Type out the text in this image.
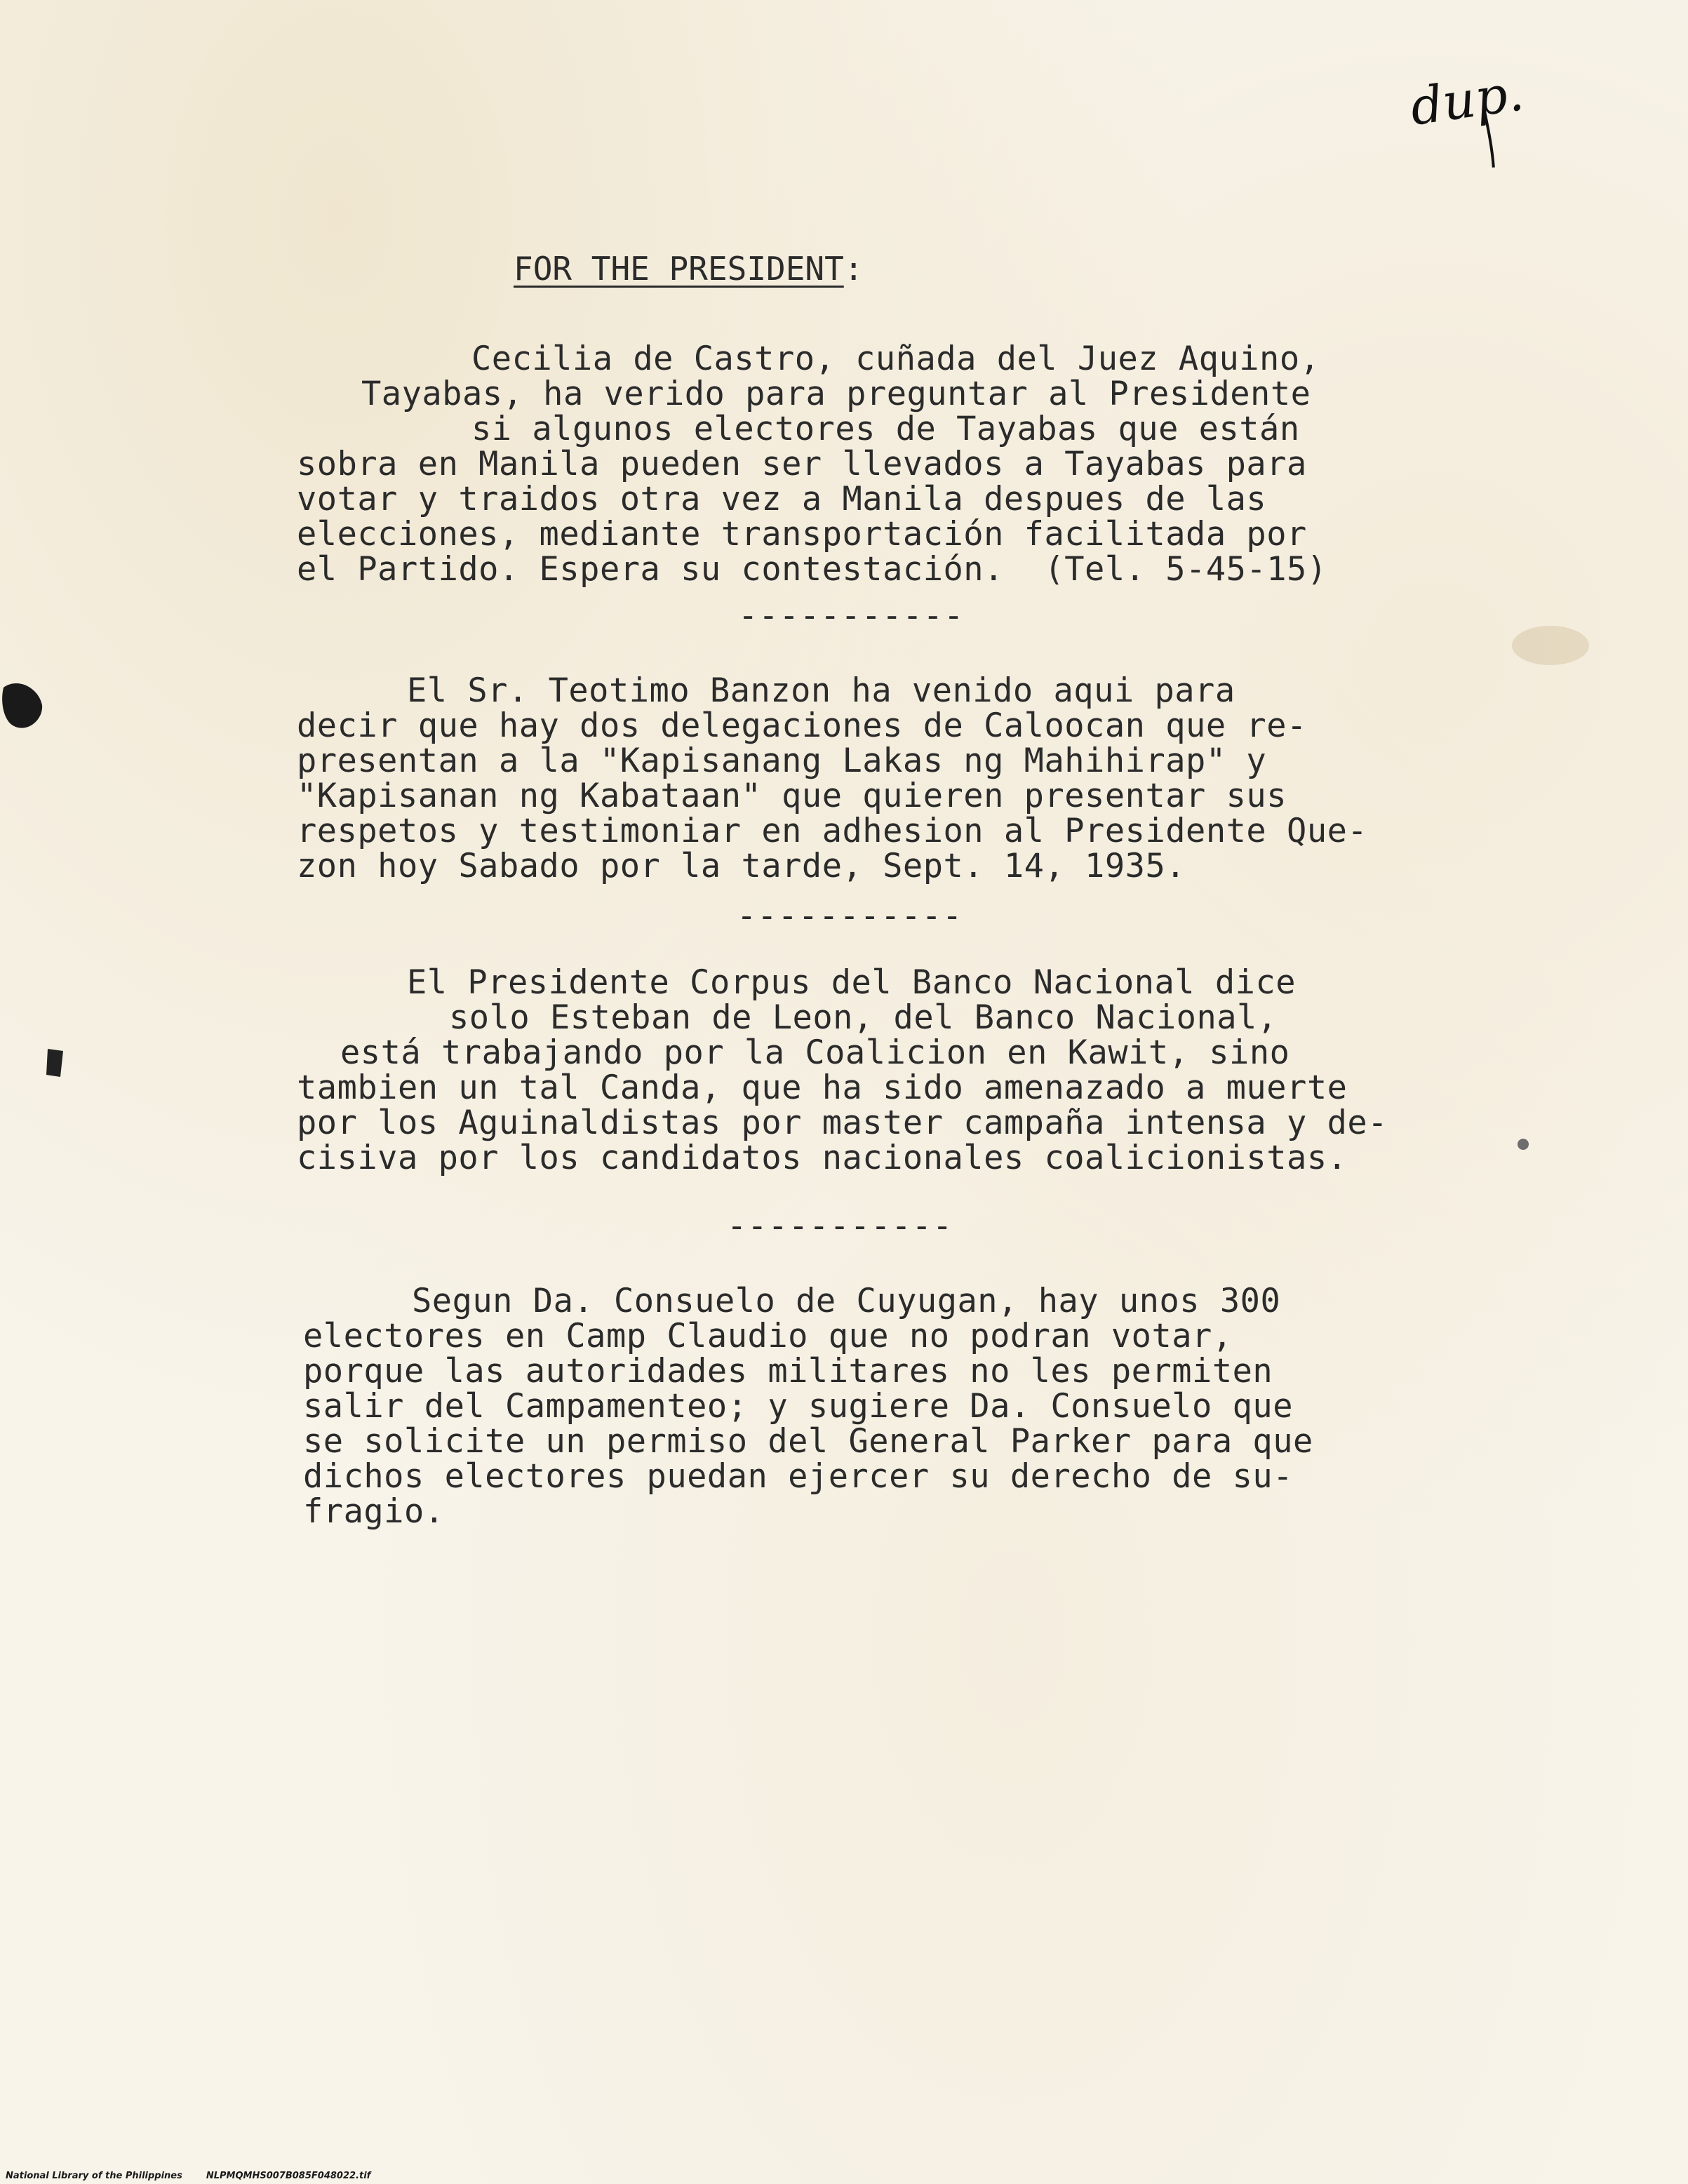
dup.
FOR THE PRESIDENT:
Cecilia de Castro, cuñada del Juez Aquino,
Tayabas, ha verido para preguntar al Presidente
si algunos electores de Tayabas que están
sobra en Manila pueden ser llevados a Tayabas para
votar y traidos otra vez a Manila despues de las
elecciones, mediante transportación facilitada por
el Partido. Espera su contestación.  (Tel. 5-45-15)
-----------
El Sr. Teotimo Banzon ha venido aqui para
decir que hay dos delegaciones de Caloocan que re-
presentan a la "Kapisanang Lakas ng Mahihirap" y
"Kapisanan ng Kabataan" que quieren presentar sus
respetos y testimoniar en adhesion al Presidente Que-
zon hoy Sabado por la tarde, Sept. 14, 1935.
-----------
El Presidente Corpus del Banco Nacional dice
solo Esteban de Leon, del Banco Nacional,
está trabajando por la Coalicion en Kawit, sino
tambien un tal Canda, que ha sido amenazado a muerte
por los Aguinaldistas por master campaña intensa y de-
cisiva por los candidatos nacionales coalicionistas.
-----------
Segun Da. Consuelo de Cuyugan, hay unos 300
electores en Camp Claudio que no podran votar,
porque las autoridades militares no les permiten
salir del Campamenteo; y sugiere Da. Consuelo que
se solicite un permiso del General Parker para que
dichos electores puedan ejercer su derecho de su-
fragio.
National Library of the Philippines	NLPMQMHS007B085F048022.tif
